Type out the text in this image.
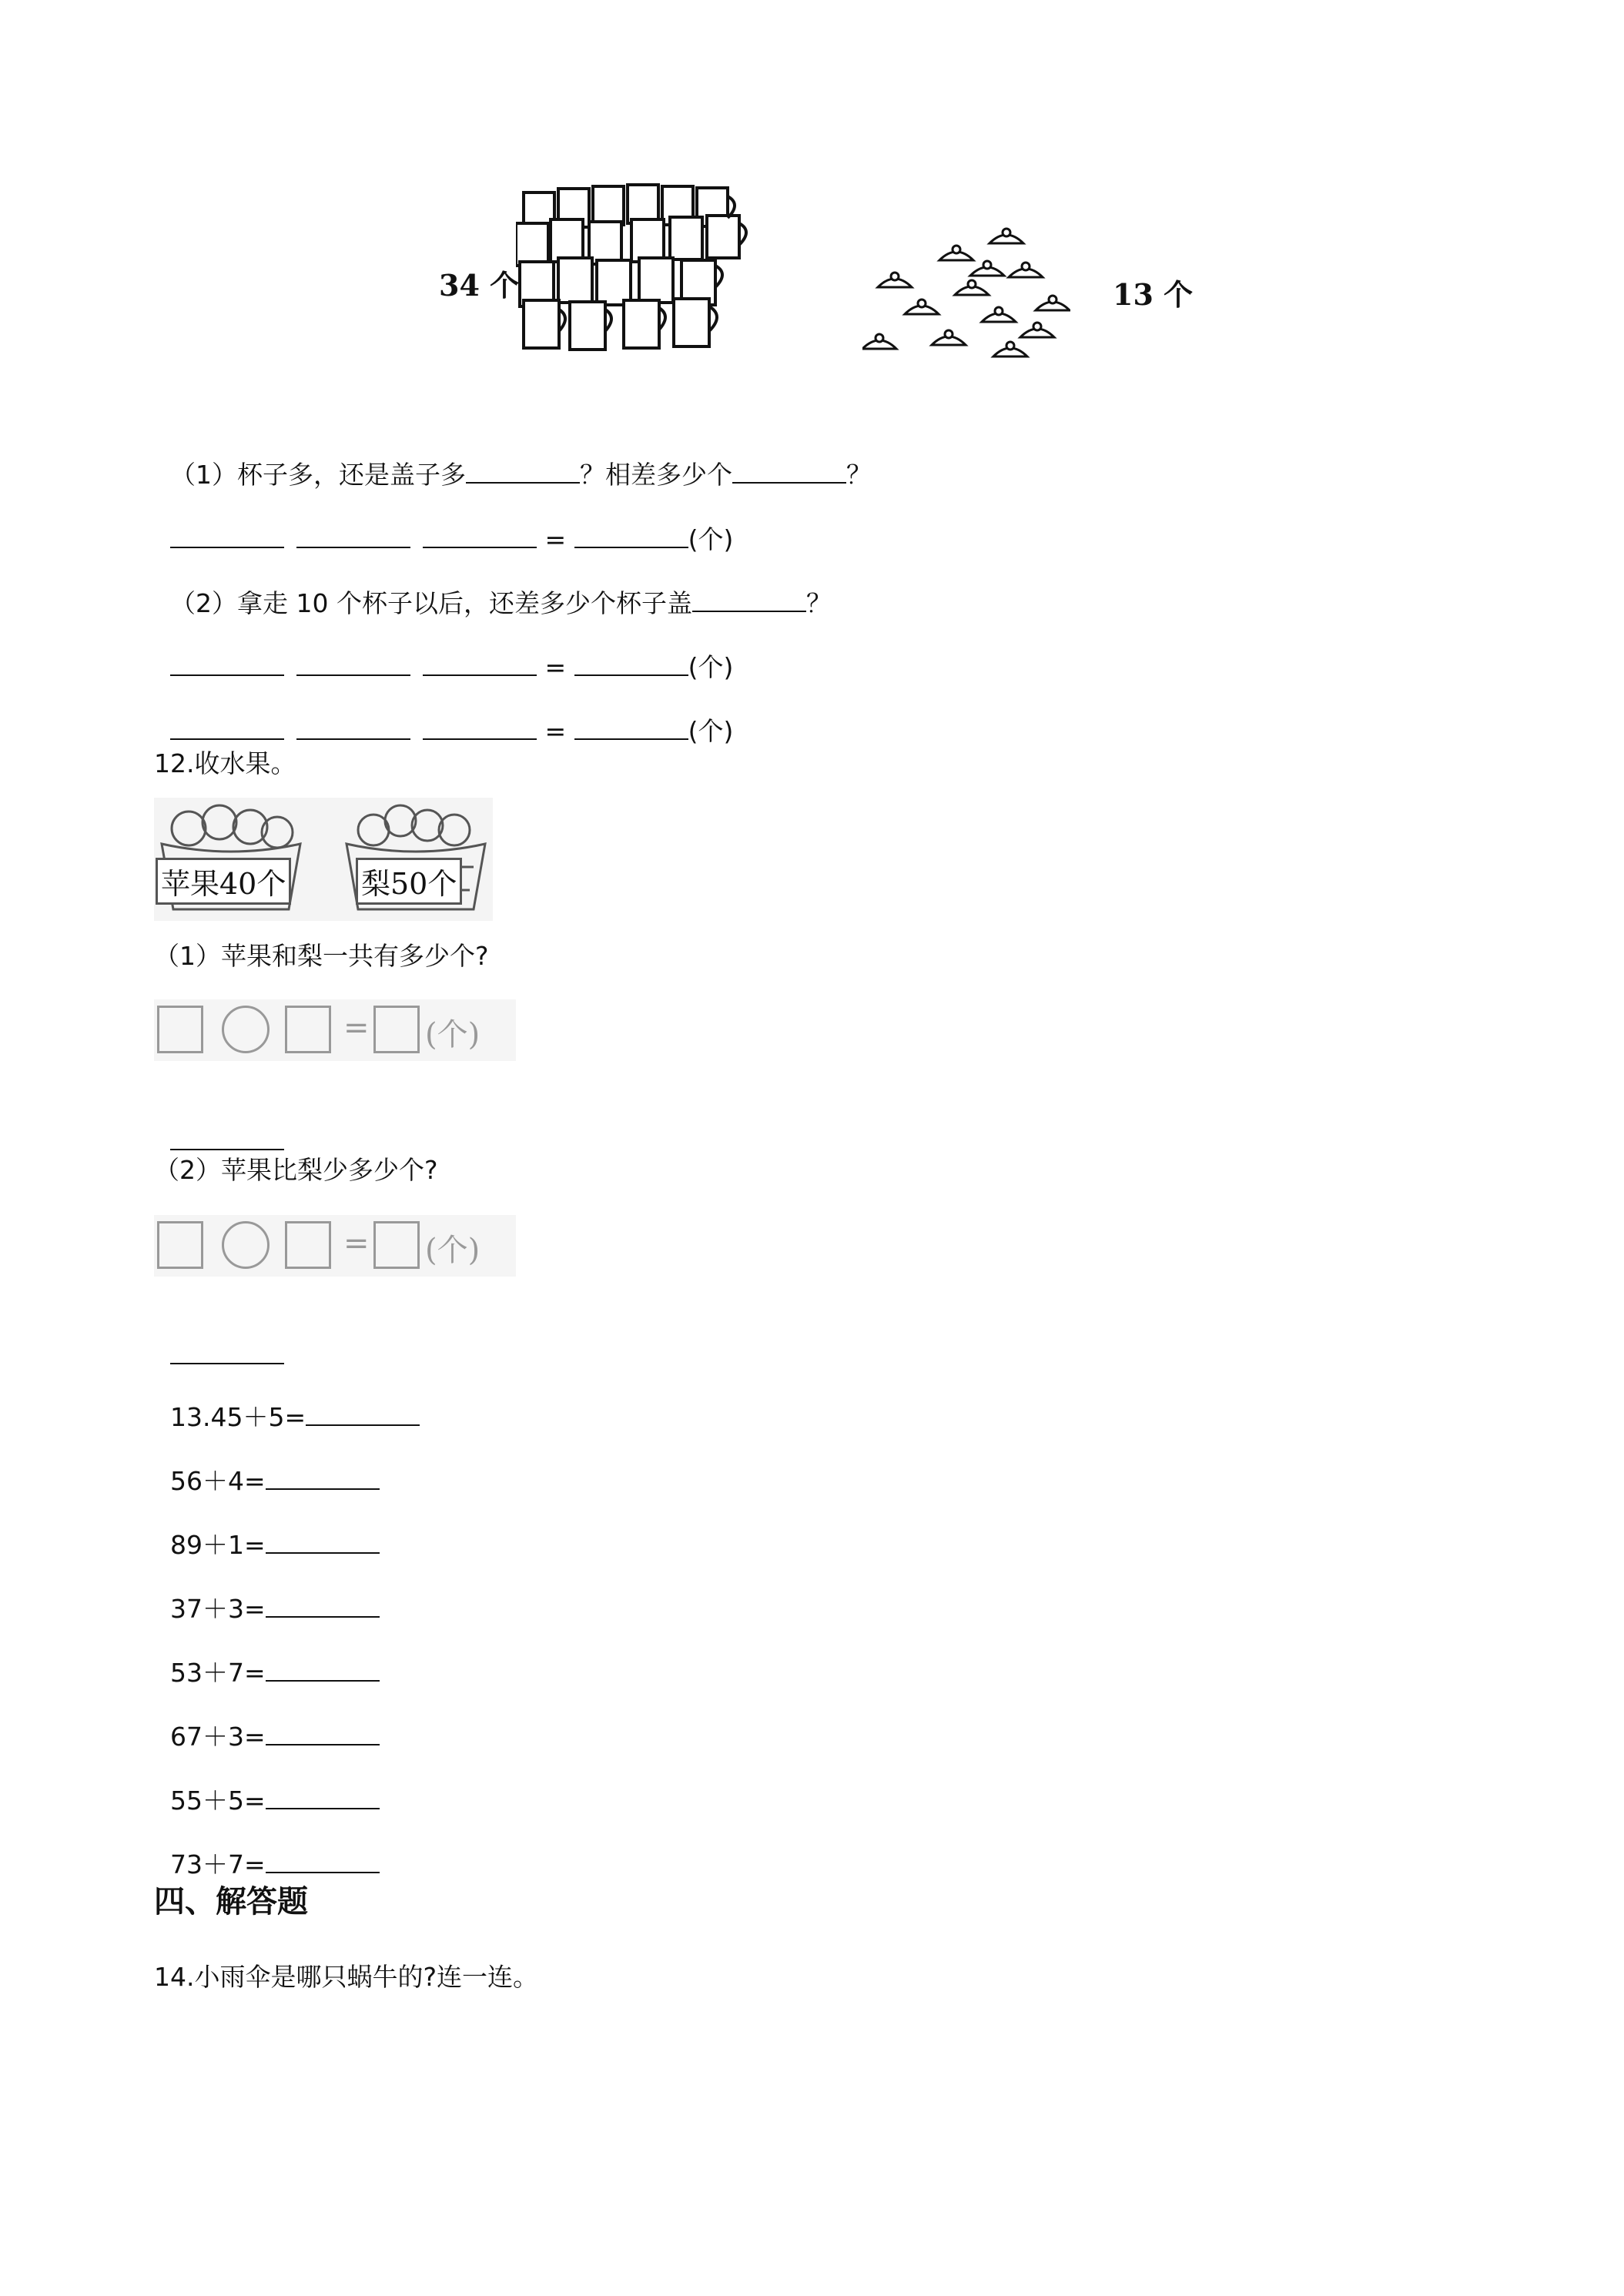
34 个	13 个

（1）杯子多，还是盖子多	？相差多少个	？

=	(个)

（2）拿走 10 个杯子以后，还差多少个杯子盖	？

=	(个)

=	(个)

12.收水果。
苹果40个	梨50个
（1）苹果和梨一共有多少个?
= (个)

（2）苹果比梨少多少个?
= (个)

13.45＋5=

56＋4=

89＋1=

37＋3=

53＋7=

67＋3=

55＋5=

73＋7=

四、解答题
14.小雨伞是哪只蜗牛的?连一连。
